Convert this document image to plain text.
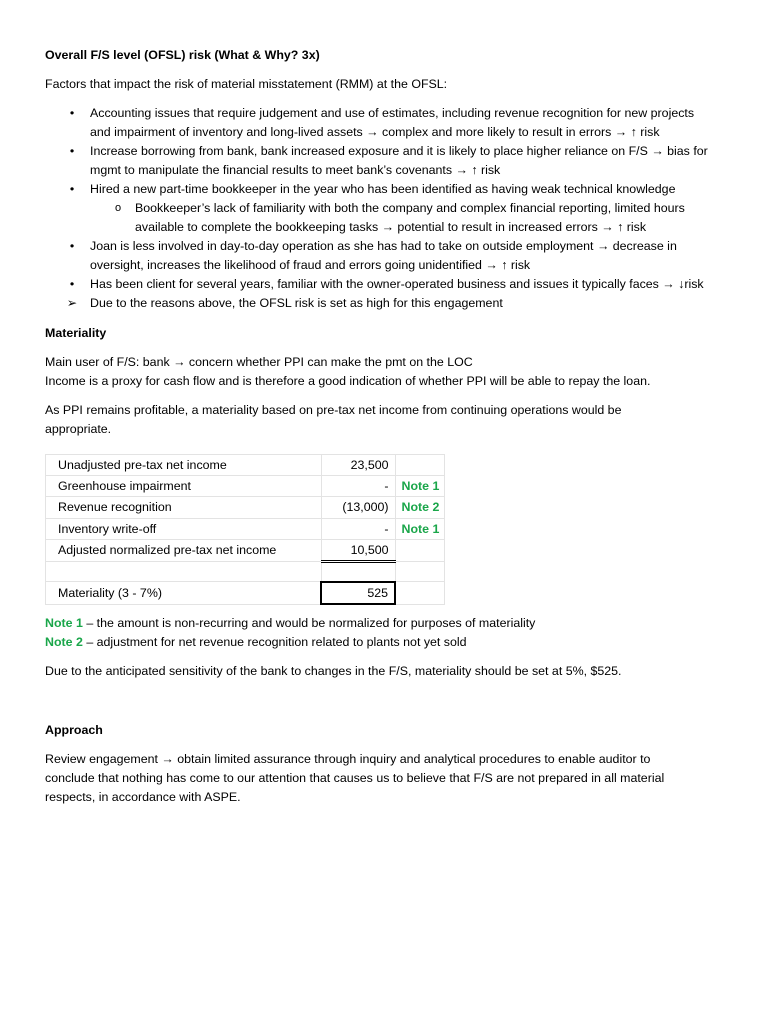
Overall F/S level (OFSL) risk (What & Why? 3x)
Factors that impact the risk of material misstatement (RMM) at the OFSL:
•	Accounting issues that require judgement and use of estimates, including revenue recognition for new projects
and impairment of inventory and long-lived assets → complex and more likely to result in errors → ↑ risk
•	Increase borrowing from bank, bank increased exposure and it is likely to place higher reliance on F/S → bias for
mgmt to manipulate the financial results to meet bank’s covenants → ↑ risk
•	Hired a new part-time bookkeeper in the year who has been identified as having weak technical knowledge
o Bookkeeper’s lack of familiarity with both the company and complex financial reporting, limited hours
available to complete the bookkeeping tasks → potential to result in increased errors → ↑ risk
•	Joan is less involved in day-to-day operation as she has had to take on outside employment → decrease in
oversight, increases the likelihood of fraud and errors going unidentified → ↑ risk
•	Has been client for several years, familiar with the owner-operated business and issues it typically faces → ↓risk
➢ Due to the reasons above, the OFSL risk is set as high for this engagement
Materiality
Main user of F/S: bank → concern whether PPI can make the pmt on the LOC
Income is a proxy for cash flow and is therefore a good indication of whether PPI will be able to repay the loan.
As PPI remains profitable, a materiality based on pre-tax net income from continuing operations would be
appropriate.
Unadjusted pre-tax net income	23,500	
Greenhouse impairment	-	Note 1
Revenue recognition	(13,000)	Note 2
Inventory write-off	-	Note 1
Adjusted normalized pre-tax net income	10,500	

Materiality (3 - 7%)	525	
Note 1 – the amount is non-recurring and would be normalized for purposes of materiality
Note 2 – adjustment for net revenue recognition related to plants not yet sold
Due to the anticipated sensitivity of the bank to changes in the F/S, materiality should be set at 5%, $525.
Approach
Review engagement → obtain limited assurance through inquiry and analytical procedures to enable auditor to
conclude that nothing has come to our attention that causes us to believe that F/S are not prepared in all material
respects, in accordance with ASPE.
